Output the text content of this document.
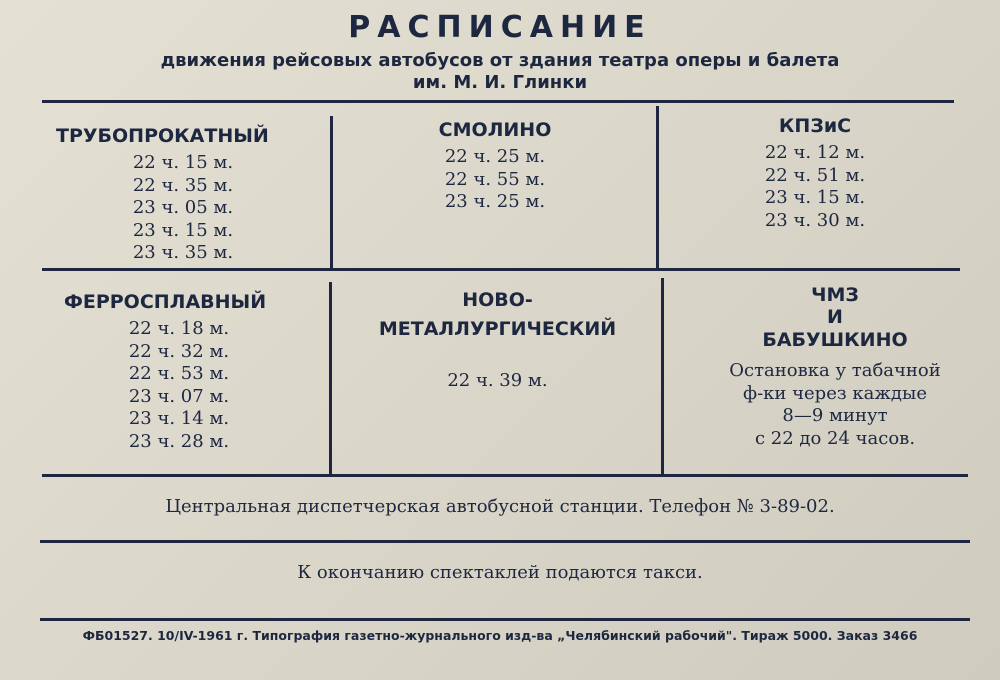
РАСПИСАНИЕ
движения рейсовых автобусов от здания театра оперы и балета
им. М. И. Глинки
ТРУБОПРОКАТНЫЙ
22 ч. 15 м.
22 ч. 35 м.
23 ч. 05 м.
23 ч. 15 м.
23 ч. 35 м.
СМОЛИНО
22 ч. 25 м.
22 ч. 55 м.
23 ч. 25 м.
КПЗиС
22 ч. 12 м.
22 ч. 51 м.
23 ч. 15 м.
23 ч. 30 м.
ФЕРРОСПЛАВНЫЙ
22 ч. 18 м.
22 ч. 32 м.
22 ч. 53 м.
23 ч. 07 м.
23 ч. 14 м.
23 ч. 28 м.
НОВО-
МЕТАЛЛУРГИЧЕСКИЙ
22 ч. 39 м.
ЧМЗ
И
БАБУШКИНО
Остановка у табачной
ф-ки через каждые
8—9 минут
с 22 до 24 часов.
Центральная диспетчерская автобусной станции. Телефон № 3-89-02.
К окончанию спектаклей подаются такси.
ФБ01527. 10/IV-1961 г. Типография газетно-журнального изд-ва „Челябинский рабочий". Тираж 5000. Заказ 3466
